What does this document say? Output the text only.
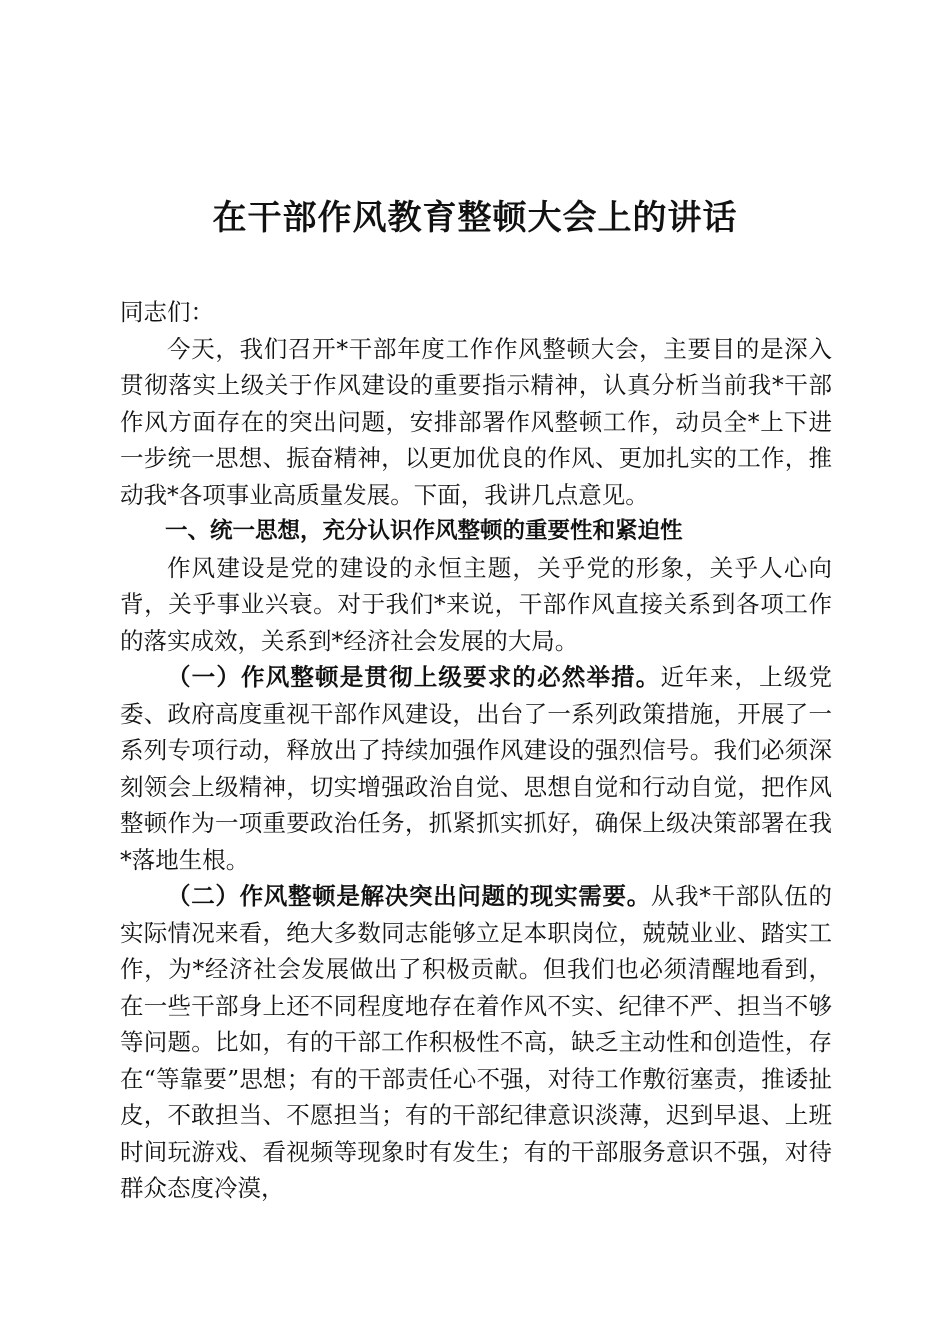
在干部作风教育整顿大会上的讲话

同志们：

今天，我们召开*干部年度工作作风整顿大会，主要目的是深入贯彻落实上级关于作风建设的重要指示精神，认真分析当前我*干部作风方面存在的突出问题，安排部署作风整顿工作，动员全*上下进一步统一思想、振奋精神，以更加优良的作风、更加扎实的工作，推动我*各项事业高质量发展。下面，我讲几点意见。

一、统一思想，充分认识作风整顿的重要性和紧迫性

作风建设是党的建设的永恒主题，关乎党的形象，关乎人心向背，关乎事业兴衰。对于我们*来说，干部作风直接关系到各项工作的落实成效，关系到*经济社会发展的大局。

（一）作风整顿是贯彻上级要求的必然举措。近年来，上级党委、政府高度重视干部作风建设，出台了一系列政策措施，开展了一系列专项行动，释放出了持续加强作风建设的强烈信号。我们必须深刻领会上级精神，切实增强政治自觉、思想自觉和行动自觉，把作风整顿作为一项重要政治任务，抓紧抓实抓好，确保上级决策部署在我*落地生根。

（二）作风整顿是解决突出问题的现实需要。从我*干部队伍的实际情况来看，绝大多数同志能够立足本职岗位，兢兢业业、踏实工作，为*经济社会发展做出了积极贡献。但我们也必须清醒地看到，在一些干部身上还不同程度地存在着作风不实、纪律不严、担当不够等问题。比如，有的干部工作积极性不高，缺乏主动性和创造性，存在“等靠要”思想；有的干部责任心不强，对待工作敷衍塞责，推诿扯皮，不敢担当、不愿担当；有的干部纪律意识淡薄，迟到早退、上班时间玩游戏、看视频等现象时有发生；有的干部服务意识不强，对待群众态度冷漠，
